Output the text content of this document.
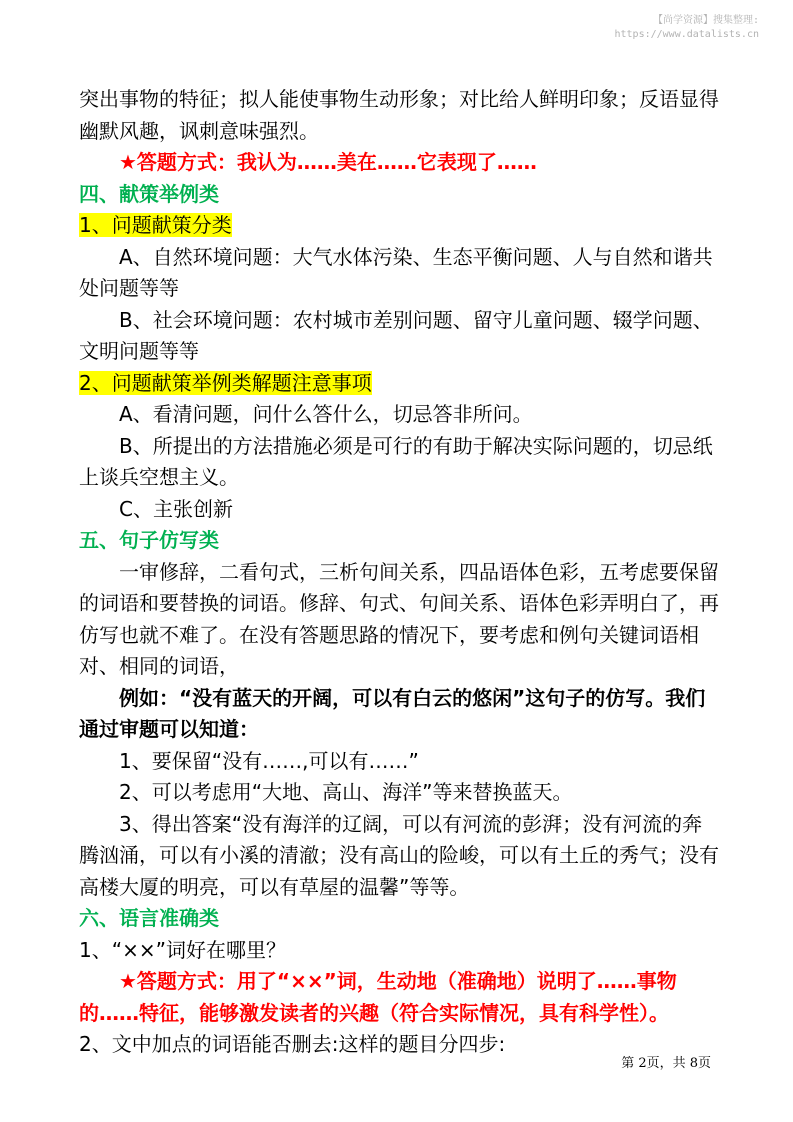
【尚学资源】搜集整理:
https://www.datalists.cn

突出事物的特征；拟人能使事物生动形象；对比给人鲜明印象；反语显得幽默风趣，讽刺意味强烈。

★答题方式：我认为……美在……它表现了……

四、献策举例类

1、问题献策分类

A、自然环境问题：大气水体污染、生态平衡问题、人与自然和谐共处问题等等

B、社会环境问题：农村城市差别问题、留守儿童问题、辍学问题、文明问题等等

2、问题献策举例类解题注意事项

A、看清问题，问什么答什么，切忌答非所问。

B、所提出的方法措施必须是可行的有助于解决实际问题的，切忌纸上谈兵空想主义。

C、主张创新

五、句子仿写类

一审修辞，二看句式，三析句间关系，四品语体色彩，五考虑要保留的词语和要替换的词语。修辞、句式、句间关系、语体色彩弄明白了，再仿写也就不难了。在没有答题思路的情况下，要考虑和例句关键词语相对、相同的词语，

例如：“没有蓝天的开阔，可以有白云的悠闲”这句子的仿写。我们通过审题可以知道：

1、要保留“没有……,可以有……”

2、可以考虑用“大地、高山、海洋”等来替换蓝天。

3、得出答案“没有海洋的辽阔，可以有河流的彭湃；没有河流的奔腾汹涌，可以有小溪的清澈；没有高山的险峻，可以有土丘的秀气；没有高楼大厦的明亮，可以有草屋的温馨”等等。

六、语言准确类

1、“××”词好在哪里？

★答题方式：用了“××”词，生动地（准确地）说明了……事物的……特征，能够激发读者的兴趣（符合实际情况，具有科学性）。

2、文中加点的词语能否删去:这样的题目分四步:

第 2页，共 8页
